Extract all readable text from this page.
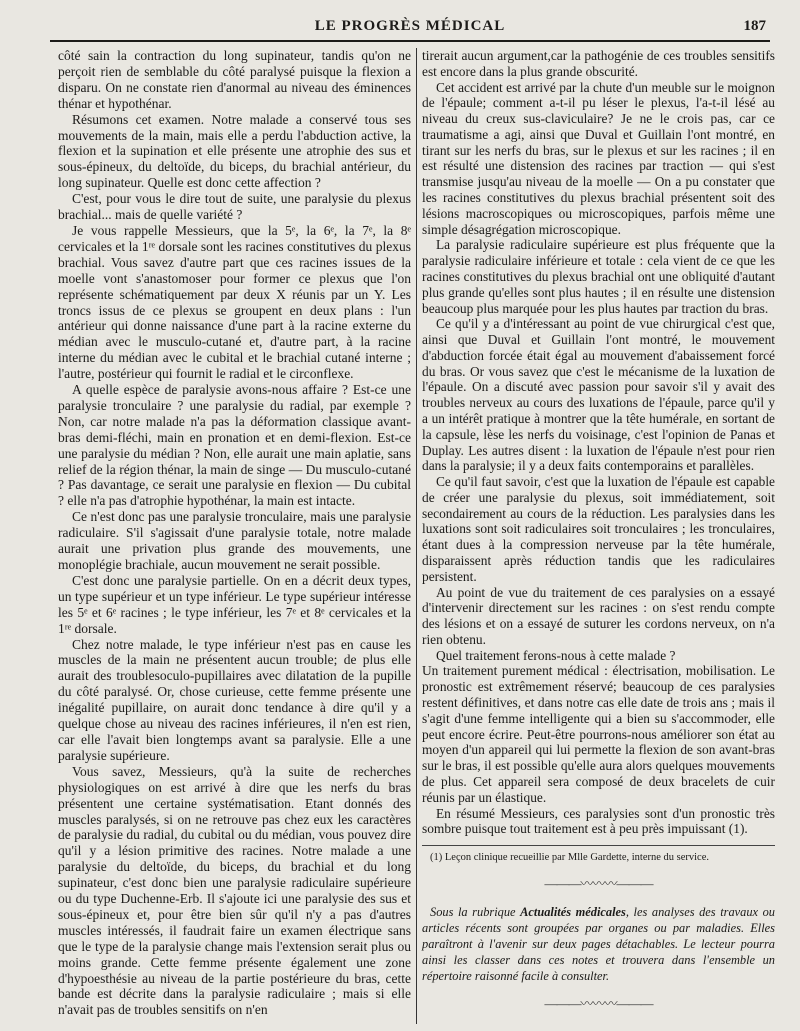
LE PROGRÈS MÉDICAL	187

côté sain la contraction du long supinateur, tandis qu'on ne perçoit rien de semblable du côté paralysé puisque la flexion a disparu. On ne constate rien d'anormal au niveau des éminences thénar et hypothénar.

Résumons cet examen. Notre malade a conservé tous ses mouvements de la main, mais elle a perdu l'abduction active, la flexion et la supination et elle présente une atrophie des sus et sous-épineux, du deltoïde, du biceps, du brachial antérieur, du long supinateur. Quelle est donc cette affection ?

C'est, pour vous le dire tout de suite, une paralysie du plexus brachial... mais de quelle variété ?

Je vous rappelle Messieurs, que la 5ᵉ, la 6ᵉ, la 7ᵉ, la 8ᵉ cervicales et la 1ʳᵉ dorsale sont les racines constitutives du plexus brachial. Vous savez d'autre part que ces racines issues de la moelle vont s'anastomoser pour former ce plexus que l'on représente schématiquement par deux X réunis par un Y. Les troncs issus de ce plexus se groupent en deux plans : l'un antérieur qui donne naissance d'une part à la racine externe du médian avec le musculo-cutané et, d'autre part, à la racine interne du médian avec le cubital et le brachial cutané interne ; l'autre, postérieur qui fournit le radial et le circonflexe.

A quelle espèce de paralysie avons-nous affaire ? Est-ce une paralysie tronculaire ? une paralysie du radial, par exemple ? Non, car notre malade n'a pas la déformation classique avant-bras demi-fléchi, main en pronation et en demi-flexion. Est-ce une paralysie du médian ? Non, elle aurait une main aplatie, sans relief de la région thénar, la main de singe — Du musculo-cutané ? Pas davantage, ce serait une paralysie en flexion — Du cubital ? elle n'a pas d'atrophie hypothénar, la main est intacte.

Ce n'est donc pas une paralysie tronculaire, mais une paralysie radiculaire. S'il s'agissait d'une paralysie totale, notre malade aurait une privation plus grande des mouvements, une monoplégie brachiale, aucun mouvement ne serait possible.

C'est donc une paralysie partielle. On en a décrit deux types, un type supérieur et un type inférieur. Le type supérieur intéresse les 5ᵉ et 6ᵉ racines ; le type inférieur, les 7ᵉ et 8ᵉ cervicales et la 1ʳᵉ dorsale.

Chez notre malade, le type inférieur n'est pas en cause les muscles de la main ne présentent aucun trouble; de plus elle aurait des troublesoculo-pupillaires avec dilatation de la pupille du côté paralysé. Or, chose curieuse, cette femme présente une inégalité pupillaire, on aurait donc tendance à dire qu'il y a quelque chose au niveau des racines inférieures, il n'en est rien, car elle l'avait bien longtemps avant sa paralysie. Elle a une paralysie supérieure.

Vous savez, Messieurs, qu'à la suite de recherches physiologiques on est arrivé à dire que les nerfs du bras présentent une certaine systématisation. Etant donnés des muscles paralysés, si on ne retrouve pas chez eux les caractères de paralysie du radial, du cubital ou du médian, vous pouvez dire qu'il y a lésion primitive des racines. Notre malade a une paralysie du deltoïde, du biceps, du brachial et du long supinateur, c'est donc bien une paralysie radiculaire supérieure ou du type Duchenne-Erb. Il s'ajoute ici une paralysie des sus et sous-épineux et, pour être bien sûr qu'il n'y a pas d'autres muscles intéressés, il faudrait faire un examen électrique sans que le type de la paralysie change mais l'extension serait plus ou moins grande. Cette femme présente également une zone d'hypoesthésie au niveau de la partie postérieure du bras, cette bande est décrite dans la paralysie radiculaire ; mais si elle n'avait pas de troubles sensitifs on n'en

tirerait aucun argument,car la pathogénie de ces troubles sensitifs est encore dans la plus grande obscurité.

Cet accident est arrivé par la chute d'un meuble sur le moignon de l'épaule; comment a-t-il pu léser le plexus, l'a-t-il lésé au niveau du creux sus-claviculaire? Je ne le crois pas, car ce traumatisme a agi, ainsi que Duval et Guillain l'ont montré, en tirant sur les nerfs du bras, sur le plexus et sur les racines ; il en est résulté une distension des racines par traction — qui s'est transmise jusqu'au niveau de la moelle — On a pu constater que les racines constitutives du plexus brachial présentent soit des lésions macroscopiques ou microscopiques, parfois même une simple désagrégation microscopique.

La paralysie radiculaire supérieure est plus fréquente que la paralysie radiculaire inférieure et totale : cela vient de ce que les racines constitutives du plexus brachial ont une obliquité d'autant plus grande qu'elles sont plus hautes ; il en résulte une distension beaucoup plus marquée pour les plus hautes par traction du bras.

Ce qu'il y a d'intéressant au point de vue chirurgical c'est que, ainsi que Duval et Guillain l'ont montré, le mouvement d'abduction forcée était égal au mouvement d'abaissement forcé du bras. Or vous savez que c'est le mécanisme de la luxation de l'épaule. On a discuté avec passion pour savoir s'il y avait des troubles nerveux au cours des luxations de l'épaule, parce qu'il y a un intérêt pratique à montrer que la tête humérale, en sortant de la capsule, lèse les nerfs du voisinage, c'est l'opinion de Panas et Duplay. Les autres disent : la luxation de l'épaule n'est pour rien dans la paralysie; il y a deux faits contemporains et parallèles.

Ce qu'il faut savoir, c'est que la luxation de l'épaule est capable de créer une paralysie du plexus, soit immédiatement, soit secondairement au cours de la réduction. Les paralysies dans les luxations sont soit radiculaires soit tronculaires ; les tronculaires, étant dues à la compression nerveuse par la tête humérale, disparaissent après réduction tandis que les radiculaires persistent.

Au point de vue du traitement de ces paralysies on a essayé d'intervenir directement sur les racines : on s'est rendu compte des lésions et on a essayé de suturer les cordons nerveux, on n'a rien obtenu.

Quel traitement ferons-nous à cette malade ?

Un traitement purement médical : électrisation, mobilisation. Le pronostic est extrêmement réservé; beaucoup de ces paralysies restent définitives, et dans notre cas elle date de trois ans ; mais il s'agit d'une femme intelligente qui a bien su s'accommoder, elle peut encore écrire. Peut-être pourrons-nous améliorer son état au moyen d'un appareil qui lui permette la flexion de son avant-bras sur le bras, il est possible qu'elle aura alors quelques mouvements de plus. Cet appareil sera composé de deux bracelets de cuir réunis par un élastique.

En résumé Messieurs, ces paralysies sont d'un pronostic très sombre puisque tout traitement est à peu près impuissant (1).

(1) Leçon clinique recueillie par Mlle Gardette, interne du service.
———〰〰〰———
Sous la rubrique Actualités médicales, les analyses des travaux ou articles récents sont groupées par organes ou par maladies. Elles paraîtront à l'avenir sur deux pages détachables. Le lecteur pourra ainsi les classer dans ces notes et trouvera dans l'ensemble un répertoire raisonné facile à consulter.
———〰〰〰———
